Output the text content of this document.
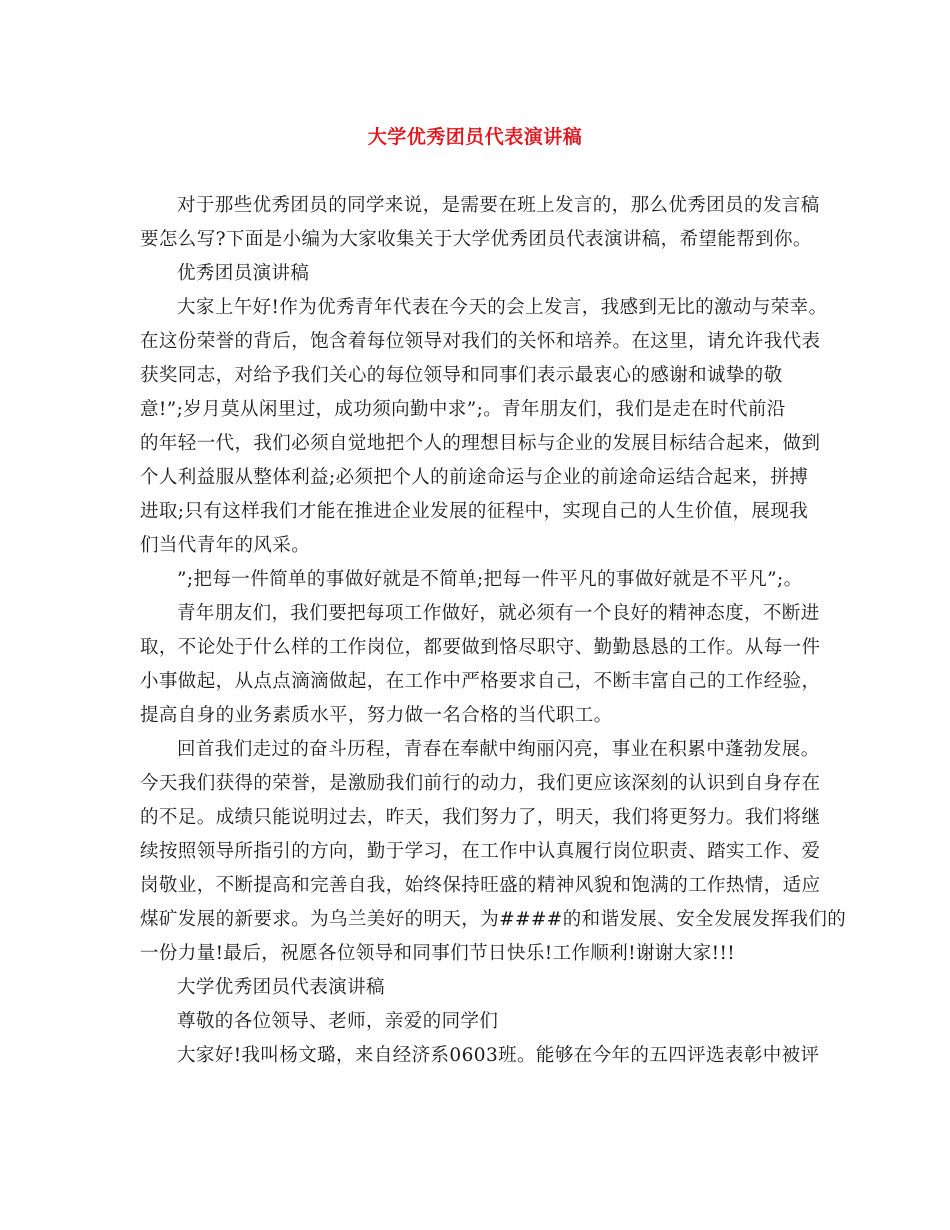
大学优秀团员代表演讲稿
对于那些优秀团员的同学来说，是需要在班上发言的，那么优秀团员的发言稿
要怎么写?下面是小编为大家收集关于大学优秀团员代表演讲稿，希望能帮到你。
优秀团员演讲稿
大家上午好!作为优秀青年代表在今天的会上发言，我感到无比的激动与荣幸。
在这份荣誉的背后，饱含着每位领导对我们的关怀和培养。在这里，请允许我代表
获奖同志，对给予我们关心的每位领导和同事们表示最衷心的感谢和诚挚的敬
意!”;岁月莫从闲里过，成功须向勤中求”;。青年朋友们，我们是走在时代前沿
的年轻一代，我们必须自觉地把个人的理想目标与企业的发展目标结合起来，做到
个人利益服从整体利益;必须把个人的前途命运与企业的前途命运结合起来，拼搏
进取;只有这样我们才能在推进企业发展的征程中，实现自己的人生价值，展现我
们当代青年的风采。
”;把每一件简单的事做好就是不简单;把每一件平凡的事做好就是不平凡”;。
青年朋友们，我们要把每项工作做好，就必须有一个良好的精神态度，不断进
取，不论处于什么样的工作岗位，都要做到恪尽职守、勤勤恳恳的工作。从每一件
小事做起，从点点滴滴做起，在工作中严格要求自己，不断丰富自己的工作经验，
提高自身的业务素质水平，努力做一名合格的当代职工。
回首我们走过的奋斗历程，青春在奉献中绚丽闪亮，事业在积累中蓬勃发展。
今天我们获得的荣誉，是激励我们前行的动力，我们更应该深刻的认识到自身存在
的不足。成绩只能说明过去，昨天，我们努力了，明天，我们将更努力。我们将继
续按照领导所指引的方向，勤于学习，在工作中认真履行岗位职责、踏实工作、爱
岗敬业，不断提高和完善自我，始终保持旺盛的精神风貌和饱满的工作热情，适应
煤矿发展的新要求。为乌兰美好的明天，为####的和谐发展、安全发展发挥我们的
一份力量!最后，祝愿各位领导和同事们节日快乐!工作顺利!谢谢大家!!!
大学优秀团员代表演讲稿
尊敬的各位领导、老师，亲爱的同学们
大家好!我叫杨文璐，来自经济系0603班。能够在今年的五四评选表彰中被评
